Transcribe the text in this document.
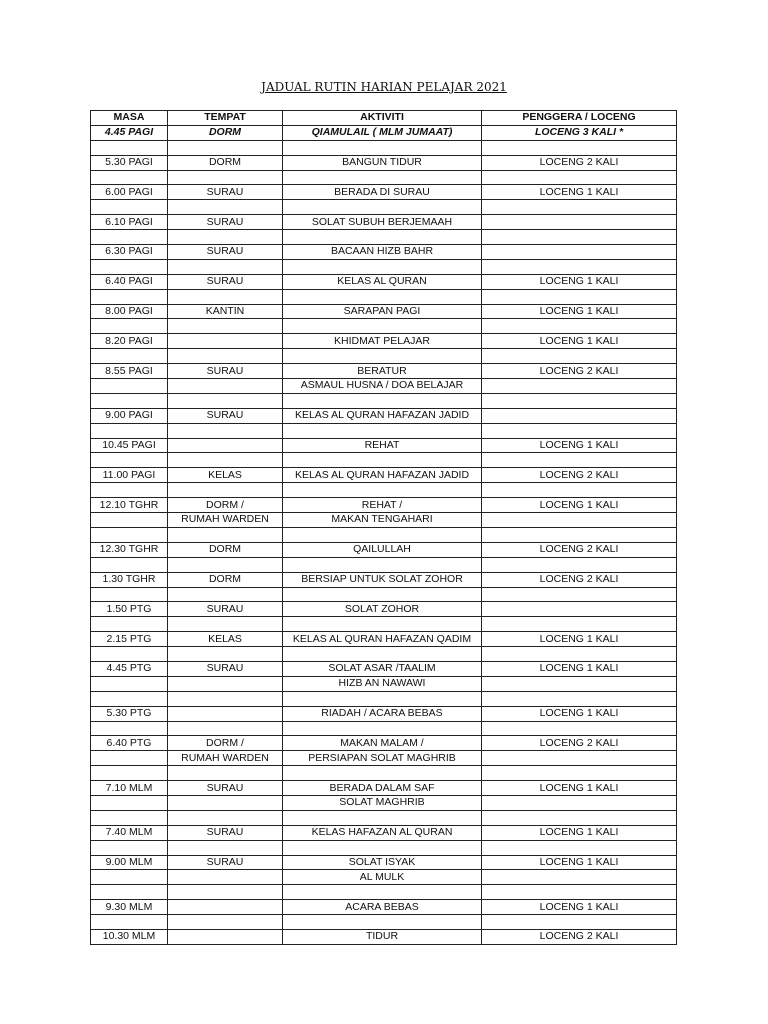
JADUAL RUTIN HARIAN PELAJAR 2021
MASA	TEMPAT	AKTIVITI	PENGGERA / LOCENG
4.45 PAGI	DORM	QIAMULAIL ( MLM JUMAAT)	LOCENG 3 KALI *

5.30 PAGI	DORM	BANGUN TIDUR	LOCENG 2 KALI

6.00 PAGI	SURAU	BERADA DI SURAU	LOCENG 1 KALI

6.10 PAGI	SURAU	SOLAT SUBUH BERJEMAAH	

6.30 PAGI	SURAU	BACAAN HIZB BAHR	

6.40 PAGI	SURAU	KELAS AL QURAN	LOCENG 1 KALI

8.00 PAGI	KANTIN	SARAPAN PAGI	LOCENG 1 KALI

8.20 PAGI		KHIDMAT PELAJAR	LOCENG 1 KALI

8.55 PAGI	SURAU	BERATUR	LOCENG 2 KALI
		ASMAUL HUSNA / DOA BELAJAR	

9.00 PAGI	SURAU	KELAS AL QURAN HAFAZAN JADID	

10.45 PAGI		REHAT	LOCENG 1 KALI

11.00 PAGI	KELAS	KELAS AL QURAN HAFAZAN JADID	LOCENG 2 KALI

12.10 TGHR	DORM /	REHAT /	LOCENG 1 KALI
	RUMAH WARDEN	MAKAN TENGAHARI	

12.30 TGHR	DORM	QAILULLAH	LOCENG 2 KALI

1.30 TGHR	DORM	BERSIAP UNTUK SOLAT ZOHOR	LOCENG 2 KALI

1.50 PTG	SURAU	SOLAT ZOHOR	

2.15 PTG	KELAS	KELAS AL QURAN HAFAZAN QADIM	LOCENG 1 KALI

4.45 PTG	SURAU	SOLAT ASAR /TAALIM	LOCENG 1 KALI
		HIZB AN NAWAWI	

5.30 PTG		RIADAH / ACARA BEBAS	LOCENG 1 KALI

6.40 PTG	DORM /	MAKAN MALAM /	LOCENG 2 KALI
	RUMAH WARDEN	PERSIAPAN SOLAT MAGHRIB	

7.10 MLM	SURAU	BERADA DALAM SAF	LOCENG 1 KALI
		SOLAT MAGHRIB	

7.40 MLM	SURAU	KELAS HAFAZAN AL QURAN	LOCENG 1 KALI

9.00 MLM	SURAU	SOLAT ISYAK	LOCENG 1 KALI
		AL MULK	

9.30 MLM		ACARA BEBAS	LOCENG 1 KALI

10.30 MLM		TIDUR	LOCENG 2 KALI
